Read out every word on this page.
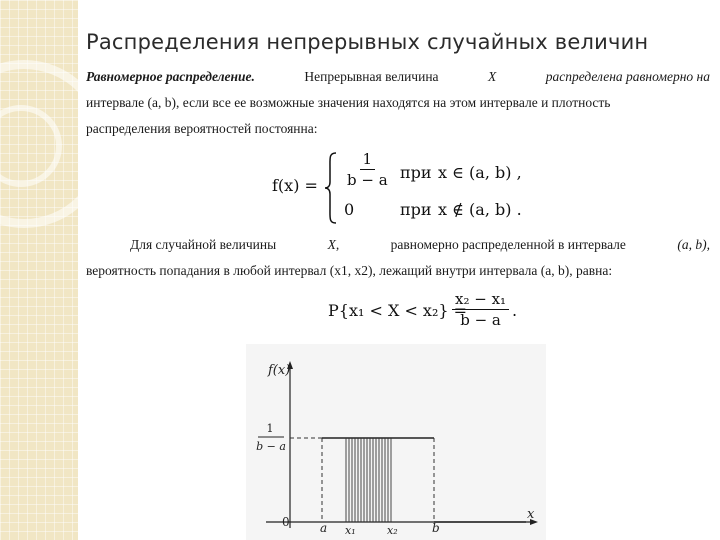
Распределения непрерывных случайных величин
Равномерное распределение.	Непрерывная величина	X	распределена равномерно на
интервале (a, b), если все ее возможные значения находятся на этом интервале и плотность
распределения вероятностей постоянна:
$f(x) = \frac{1}{b - a}$ при x ∈ (a, b) ,
0	при x ∉ (a, b) .
Для случайной величины	X,	равномерно распределенной в интервале	(a, b),
вероятность попадания в любой интервал (x1, x2), лежащий внутри интервала (a, b), равна:
P{x₁ < X < x₂} =
$\frac{\text{x₂ − x₁}}{b - a}$ .
f(x)
x
1
b − a
0	a x₁	x₂	b
